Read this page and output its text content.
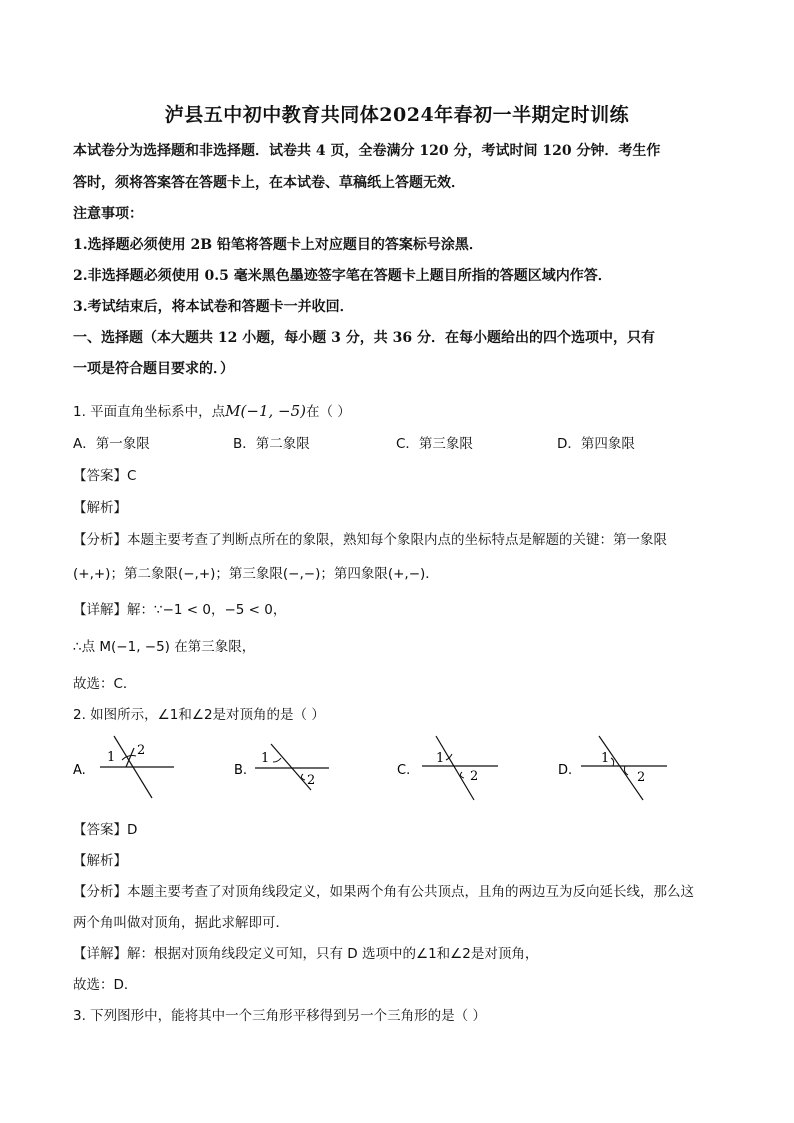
泸县五中初中教育共同体2024年春初一半期定时训练
本试卷分为选择题和非选择题．试卷共 4 页，全卷满分 120 分，考试时间 120 分钟．考生作
答时，须将答案答在答题卡上，在本试卷、草稿纸上答题无效．
注意事项：
1.选择题必须使用 2B 铅笔将答题卡上对应题目的答案标号涂黑．
2.非选择题必须使用 0.5 毫米黑色墨迹签字笔在答题卡上题目所指的答题区域内作答．
3.考试结束后，将本试卷和答题卡一并收回．
一、选择题（本大题共 12 小题，每小题 3 分，共 36 分．在每小题给出的四个选项中，只有
一项是符合题目要求的．）
1. 平面直角坐标系中，点M(−1, −5)在（ ）
A．第一象限	B．第二象限	C．第三象限	D．第四象限
【答案】C
【解析】
【分析】本题主要考查了判断点所在的象限，熟知每个象限内点的坐标特点是解题的关键：第一象限
(+,+)；第二象限(−,+)；第三象限(−,−)；第四象限(+,−)．
【详解】解：∵−1 < 0，−5 < 0，
∴点 M(−1, −5) 在第三象限，
故选：C．
2. 如图所示，∠1和∠2是对顶角的是（ ）
A.
1 2
B.
1
2
C.
1
2	D.
1
2
【答案】D
【解析】
【分析】本题主要考查了对顶角线段定义，如果两个角有公共顶点，且角的两边互为反向延长线，那么这
两个角叫做对顶角，据此求解即可．
【详解】解：根据对顶角线段定义可知，只有 D 选项中的∠1和∠2是对顶角，
故选：D．
3. 下列图形中，能将其中一个三角形平移得到另一个三角形的是（ ）
